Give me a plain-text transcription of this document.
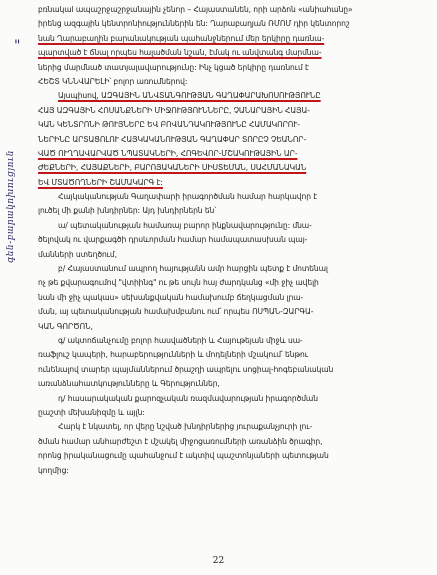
"
գեն-բարակոխուցյուն
բռնակաl ապաշրջաշրջանային չենոր – Հայաստանեն, որի արձոն «անիահանը»
իրենց ազգային կենտրոնիություններին են: Ղարաբաղյան ՌՄՈՄ դիր կենտորոշ
նան Ղարաբաղին բարանակության պահանջներում մեր երկիրը դառնա-
պարտված է ճնալ որպես հալածման նշան, էմակ ու անվտանգ մարմնա-
ներից մարմնած տատյալավարությունը: Ինչ կցած երկիրը դառնում է
ՀԵՇՏ ԿՆՆՎԱՐԵԼԻ՝ բոլոր առումներով:
Այսպիսով, ԱԶԳԱՅԻՆ ԱՆՎՏԱՆԳՈՒԹՅԱՆ ԳԱՂԱՓԱՐԱԽՈՍՈՒԹՅՈՒՆԸ
ՀԱՅ ԱԶԳԱՅԻՆ ՀՈՍԱՆՔՆԵՐԻ ՄԻՋՈՒԹՅՈՒՆՆԵՐԸ, ՉԱՆԱՐԱՅԻՆ ՀԱՅԱ-
ԿԱՆ ԿԵՆՏՐՈՆԻ ԹՈՒՅՆԵՐԸ ԵՎ ԲՈՎԱՆԴԱԿՈՒԹՅՈՒՆԸ ՀԱՄԱԿՈՐՈՒ-
ՆԵՐԻՆԸ ԱՐՏԱՑՈԼՈՒ ՀԱՅԿԱԿԱՆՈՒԹՅԱՆ ԳԱՂԱՓԱՐ ՏՈՐԸՉ ՉԵԱՆՈՐ-
ՎԱԾ ՈՒՂՂԱՎԱՐՎԱԾ ՆՊԱՏԱԿՆԵՐԻ, ՀՈԳԵՎՈՐ-ՄՇԱԿՈՒԹԱՅԻՆ ԱՐ-
ԺԵՔՆԵՐԻ, ՀԱՅԱՔՆԵՐԻ, ԲԱՐՈՅԱԿԱՆԵՐԻ ՍԻՍՏԵՄԱՆ, ՍԱՀՄԱՆԱԿԱՆ
ԵՎ ՄՏԱԾՈՂՆԵՐԻ ՇԱՄԱԿԱՐԳ է:
Հայկականության Գաղափարի իրագործման համար հարկավոր է
լուծել մի քանի խնդիրներ: Այդ խնդիրներն են՝
ա/ պետականության համառայ բարոր ինքնավարությունը: մնա-
ծելովակ ու վարքագծի դրսևորման համար համապատասխան պայ-
մանների ստեղծում,
բ/ Հայաստանում ապրող հայությանն ամր հարցին պետք է մոտենալ
ոչ թե քվարագումով "վտիինգ" ու թե սույն հայ ժարդկանց «մի ջիչ ավելի
նան մի ջիչ պակաս» սեխանքվական համախումբ ճեղկացման լրա-
ման, այ պետականության համախմբանու ում՝ որպես ՈՍՊԱՆ-ԶԱՐԳԱ-
ԿԱՆ ԳՈՐԾՈՆ,
գ/ ակտոճանչումը բոլոր հասվածների և Հայութեյան միջև սա-
ռաֆլուշ կապերի, հարաբերությունների և մոդելների մշակում՝ ենթու
ունենալով տարեր պայմաններում ծրաշղի ապրելու սոցիալ-հոգեբանական
առանձնահատկությունները և Գերություններ,
դ/ հասարակական քարոզչական ռազմավարության իրագործման
ըաշտի մեխանիզմը և այլն:
Հարկ է նկատել, որ վերը նշված խնդիրներից յուրաքանչյուրի լու-
ծման համար անհարժեշտ է մշակել միջոցառումների առանձին ծրագիր,
որոնց իրականացումը պահանջում է ակտիվ պաշտոնյաների պետության
կողմից:
22
